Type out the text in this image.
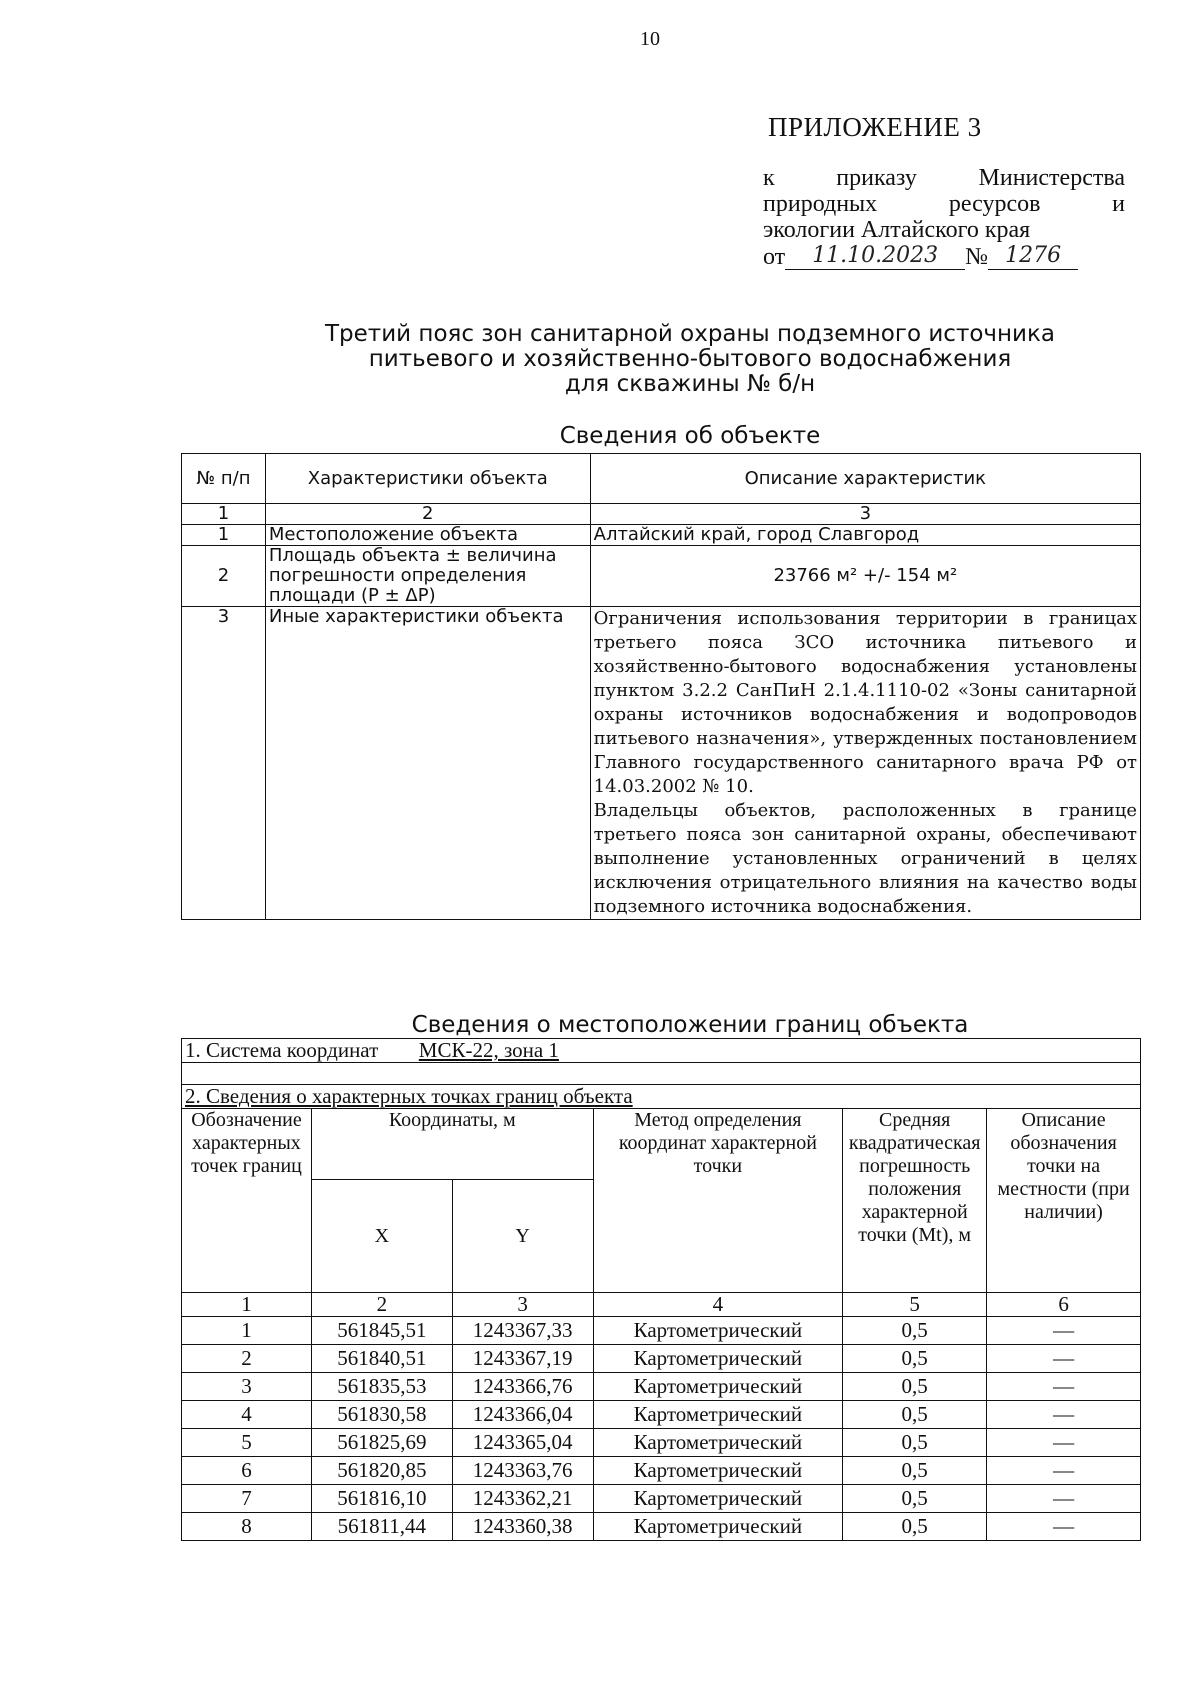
10
ПРИЛОЖЕНИЕ 3
к приказу Министерства
природных ресурсов и
экологии Алтайского края
от	11.10.2023	№ 1276
Третий пояс зон санитарной охраны подземного источника
питьевого и хозяйственно-бытового водоснабжения
для скважины № б/н
Сведения об объекте
№ п/п	Характеристики объекта	Описание характеристик
1	2	3
1	Местоположение объекта	Алтайский край, город Славгород
2	Площадь объекта ± величина погрешности определения площади (Р ± ΔР)	23766 м² +/- 154 м²
3	Иные характеристики объекта	Ограничения использования территории в границах третьего пояса ЗСО источника питьевого и хозяйственно-бытового водоснабжения установлены пунктом 3.2.2 СанПиН 2.1.4.1110-02 «Зоны санитарной охраны источников водоснабжения и водопроводов питьевого назначения», утвержденных постановлением Главного государственного санитарного врача РФ от 14.03.2002 № 10.
Владельцы объектов, расположенных в границе третьего пояса зон санитарной охраны, обеспечивают выполнение установленных ограничений в целях исключения отрицательного влияния на качество воды подземного источника водоснабжения.
Сведения о местоположении границ объекта
1. Система координат МСК-22, зона 1					

2. Сведения о характерных точках границ объекта					
Обозначение характерных точек границ	Координаты, м		Метод определения координат характерной точки	Средняя квадратическая погрешность положения характерной точки (Mt), м	Описание обозначения точки на местности (при наличии)
	X	Y			
1	2	3	4	5	6
1	561845,51	1243367,33	Картометрический	0,5	—
2	561840,51	1243367,19	Картометрический	0,5	—
3	561835,53	1243366,76	Картометрический	0,5	—
4	561830,58	1243366,04	Картометрический	0,5	—
5	561825,69	1243365,04	Картометрический	0,5	—
6	561820,85	1243363,76	Картометрический	0,5	—
7	561816,10	1243362,21	Картометрический	0,5	—
8	561811,44	1243360,38	Картометрический	0,5	—
